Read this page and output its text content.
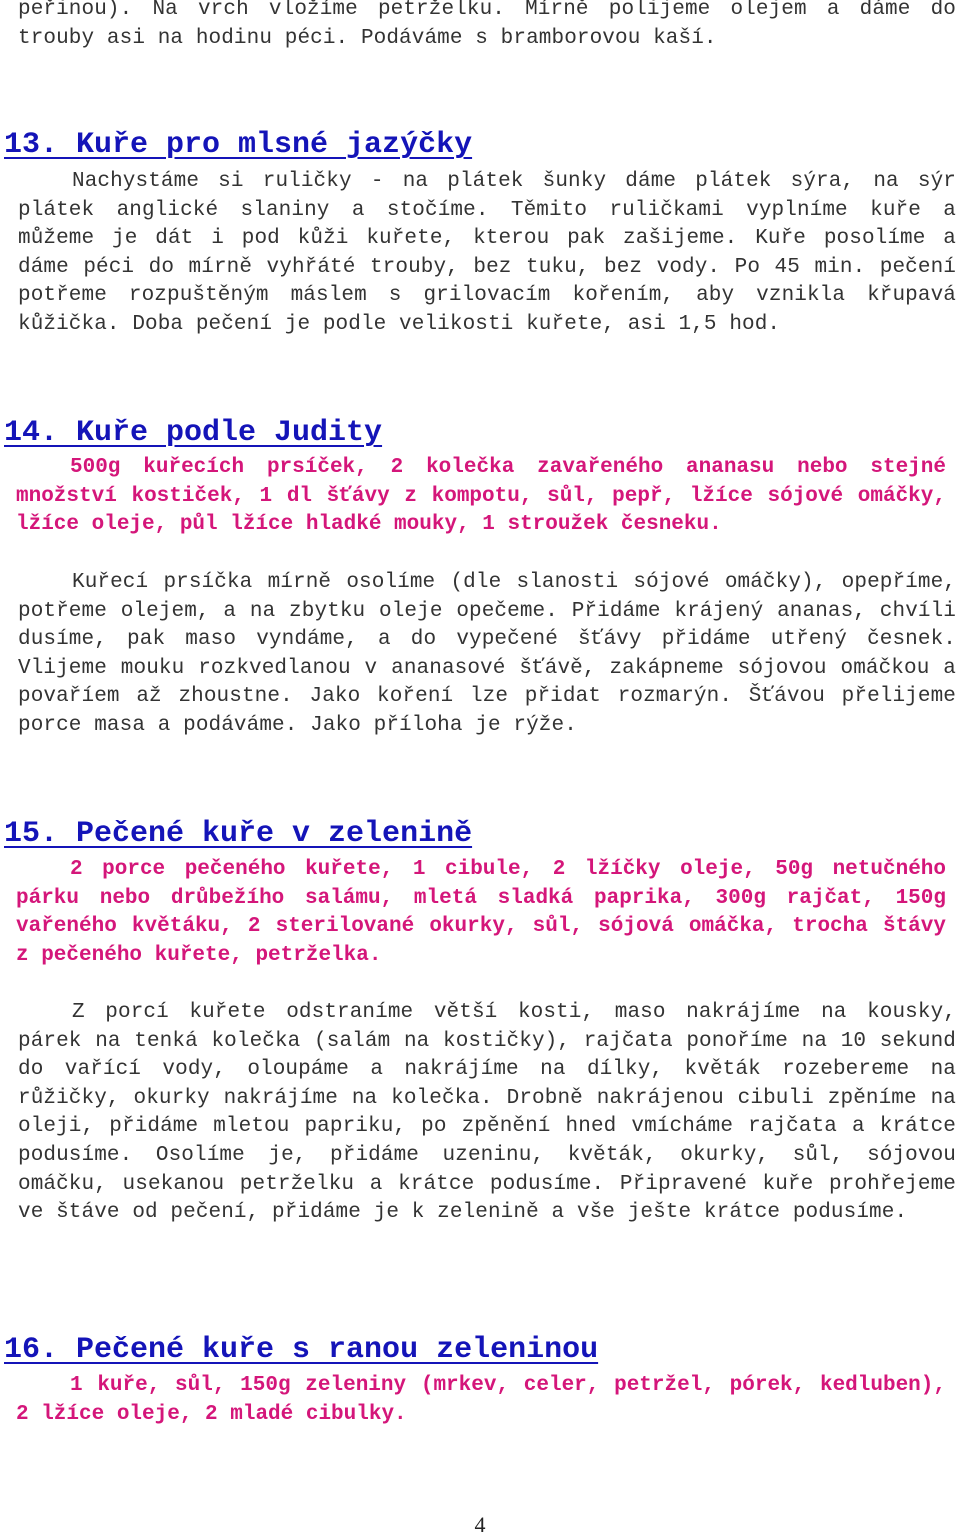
peřinou). Na vrch vložíme petrželku. Mírně polijeme olejem a dáme do trouby asi na hodinu péci. Podáváme s bramborovou kaší.

13. Kuře pro mlsné jazýčky

Nachystáme si ruličky - na plátek šunky dáme plátek sýra, na sýr plátek anglické slaniny a stočíme. Těmito ruličkami vyplníme kuře a můžeme je dát i pod kůži kuřete, kterou pak zašijeme. Kuře posolíme a dáme péci do mírně vyhřáté trouby, bez tuku, bez vody. Po 45 min. pečení potřeme rozpuštěným máslem s grilovacím kořením, aby vznikla křupavá kůžička. Doba pečení je podle velikosti kuřete, asi 1,5 hod.

14. Kuře podle Judity

500g kuřecích prsíček, 2 kolečka zavařeného ananasu nebo stejné množství kostiček, 1 dl šťávy z kompotu, sůl, pepř, lžíce sójové omáčky, lžíce oleje, půl lžíce hladké mouky, 1 stroužek česneku.

Kuřecí prsíčka mírně osolíme (dle slanosti sójové omáčky), opepříme, potřeme olejem, a na zbytku oleje opečeme. Přidáme krájený ananas, chvíli dusíme, pak maso vyndáme, a do vypečené šťávy přidáme utřený česnek. Vlijeme mouku rozkvedlanou v ananasové šťávě, zakápneme sójovou omáčkou a povaříem až zhoustne. Jako koření lze přidat rozmarýn. Šťávou přelijeme porce masa a podáváme. Jako příloha je rýže.

15. Pečené kuře v zelenině

2 porce pečeného kuřete, 1 cibule, 2 lžíčky oleje, 50g netučného párku nebo drůbežího salámu, mletá sladká paprika, 300g rajčat, 150g vařeného květáku, 2 sterilované okurky, sůl, sójová omáčka, trocha štávy z pečeného kuřete, petrželka.

Z porcí kuřete odstraníme větší kosti, maso nakrájíme na kousky, párek na tenká kolečka (salám na kostičky), rajčata ponoříme na 10 sekund do vařící vody, oloupáme a nakrájíme na dílky, květák rozebereme na růžičky, okurky nakrájíme na kolečka. Drobně nakrájenou cibuli zpěníme na oleji, přidáme mletou papriku, po zpěnění hned vmícháme rajčata a krátce podusíme. Osolíme je, přidáme uzeninu, květák, okurky, sůl, sójovou omáčku, usekanou petrželku a krátce podusíme. Připravené kuře prohřejeme ve štáve od pečení, přidáme je k zelenině a vše ješte krátce podusíme.

16. Pečené kuře s ranou zeleninou

1 kuře, sůl, 150g zeleniny (mrkev, celer, petržel, pórek, kedluben), 2 lžíce oleje, 2 mladé cibulky.

4
